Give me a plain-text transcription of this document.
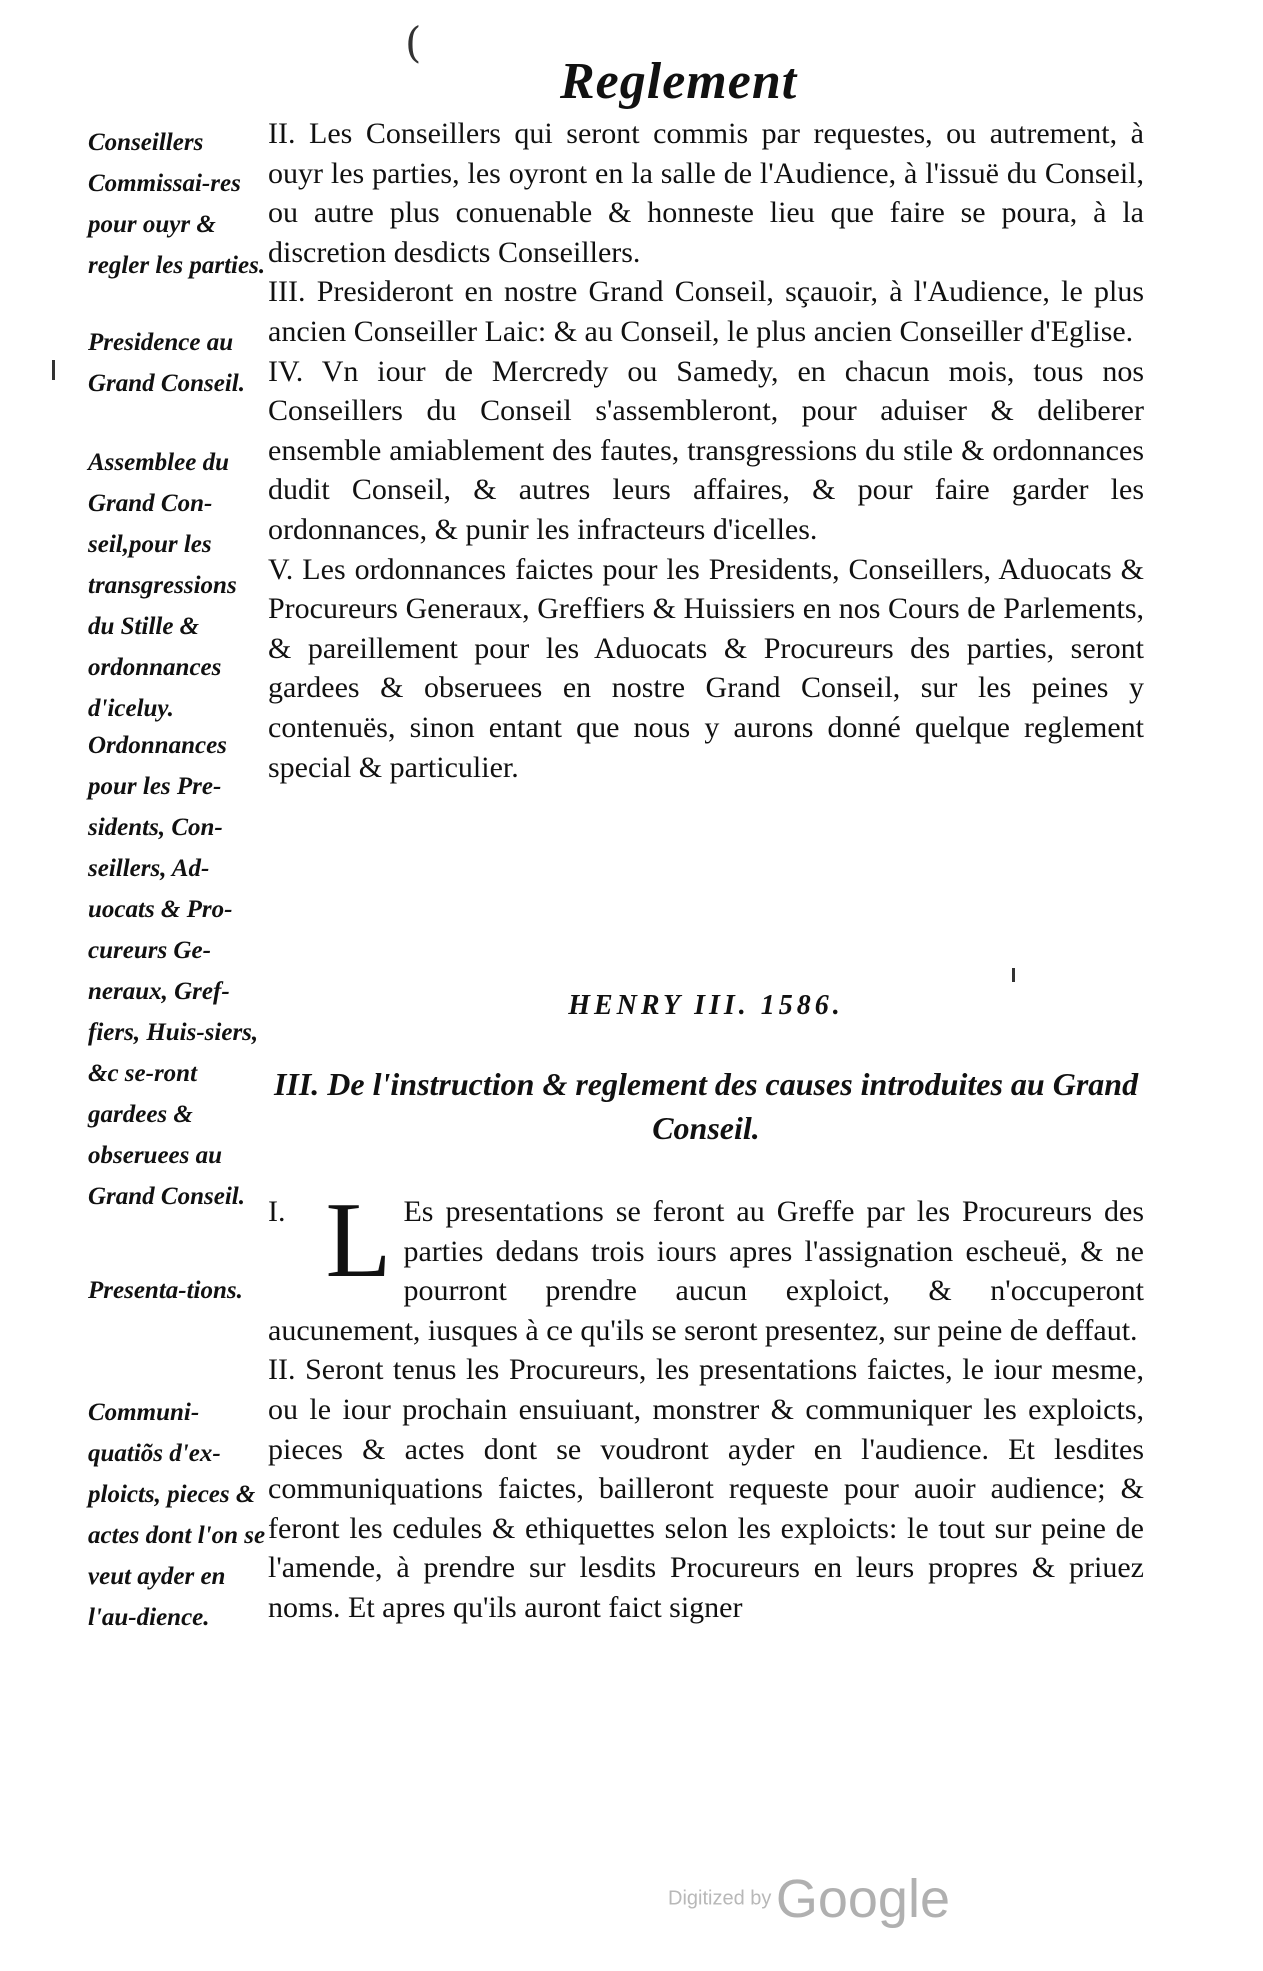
(
Reglement
Conseillers Commissai-res pour ouyr & regler les parties.
Presidence au Grand Conseil.
Assemblee du Grand Con-seil,pour les transgressions du Stille & ordonnances d'iceluy.
Ordonnances pour les Pre-sidents, Con-seillers, Ad-uocats & Pro-cureurs Ge-neraux, Gref-fiers, Huis-siers, &c se-ront gardees & obseruees au Grand Conseil.

II. Les Conseillers qui seront commis par requestes, ou autrement, à ouyr les parties, les oyront en la salle de l'Audience, à l'issuë du Conseil, ou autre plus conuenable & honneste lieu que faire se poura, à la discretion desdicts Conseillers.

III. Presideront en nostre Grand Conseil, sçauoir, à l'Audience, le plus ancien Conseiller Laic: & au Conseil, le plus ancien Conseiller d'Eglise.

IV. Vn iour de Mercredy ou Samedy, en chacun mois, tous nos Conseillers du Conseil s'assembleront, pour aduiser & deliberer ensemble amiablement des fautes, transgressions du stile & ordonnances dudit Conseil, & autres leurs affaires, & pour faire garder les ordonnances, & punir les infracteurs d'icelles.

V. Les ordonnances faictes pour les Presidents, Conseillers, Aduocats & Procureurs Generaux, Greffiers & Huissiers en nos Cours de Parlements, & pareillement pour les Aduocats & Procureurs des parties, seront gardees & obseruees en nostre Grand Conseil, sur les peines y contenuës, sinon entant que nous y aurons donné quelque reglement special & particulier.

HENRY III. 1586.
III. De l'instruction & reglement des causes introduites au Grand Conseil.
Presenta-tions.
Communi-quatiõs d'ex-ploicts, pieces & actes dont l'on se veut ayder en l'au-dience.

I. L Es presentations se feront au Greffe par les Procureurs des parties dedans trois iours apres l'assignation escheuë, & ne pourront prendre aucun exploict, & n'occuperont aucunement, iusques à ce qu'ils se seront presentez, sur peine de deffaut.

II. Seront tenus les Procureurs, les presentations faictes, le iour mesme, ou le iour prochain ensuiuant, monstrer & communiquer les exploicts, pieces & actes dont se voudront ayder en l'audience. Et lesdites communiquations faictes, bailleront requeste pour auoir audience; & feront les cedules & ethiquettes selon les exploicts: le tout sur peine de l'amende, à prendre sur lesdits Procureurs en leurs propres & priuez noms. Et apres qu'ils auront faict signer

Digitized by Google
